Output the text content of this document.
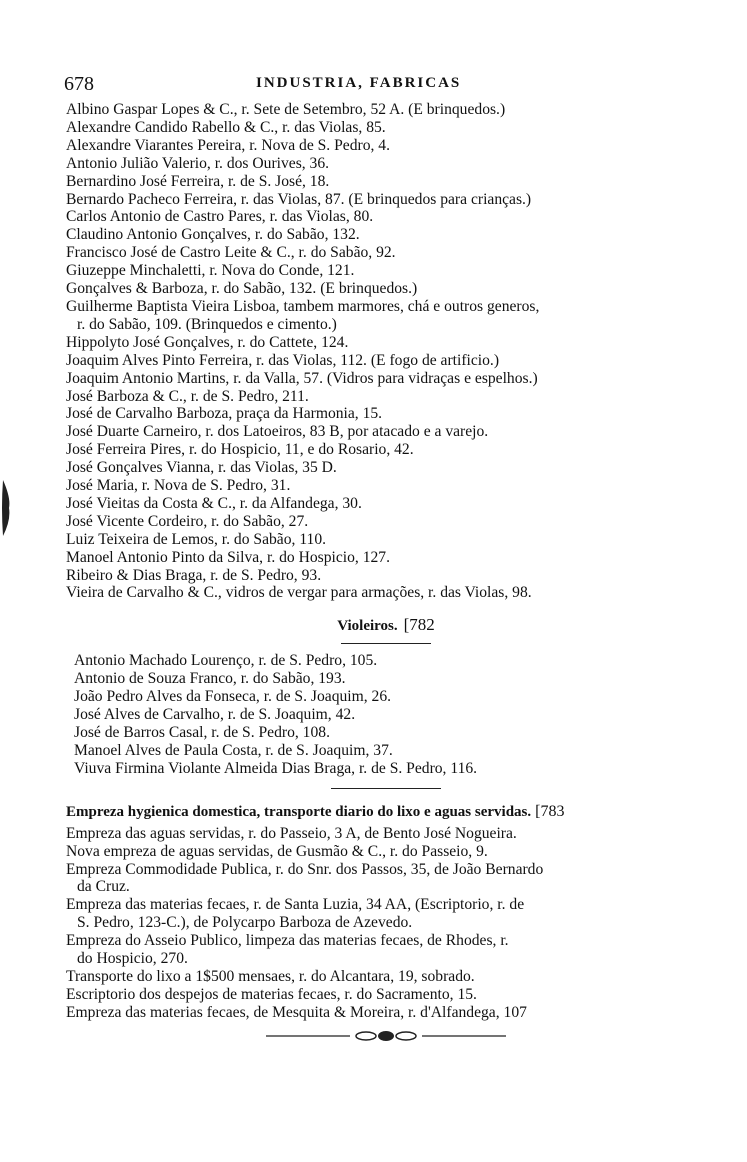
678	INDUSTRIA, FABRICAS
Albino Gaspar Lopes & C., r. Sete de Setembro, 52 A. (E brinquedos.)
Alexandre Candido Rabello & C., r. das Violas, 85.
Alexandre Viarantes Pereira, r. Nova de S. Pedro, 4.
Antonio Julião Valerio, r. dos Ourives, 36.
Bernardino José Ferreira, r. de S. José, 18.
Bernardo Pacheco Ferreira, r. das Violas, 87. (E brinquedos para crianças.)
Carlos Antonio de Castro Pares, r. das Violas, 80.
Claudino Antonio Gonçalves, r. do Sabão, 132.
Francisco José de Castro Leite & C., r. do Sabão, 92.
Giuzeppe Minchaletti, r. Nova do Conde, 121.
Gonçalves & Barboza, r. do Sabão, 132. (E brinquedos.)
Guilherme Baptista Vieira Lisboa, tambem marmores, chá e outros generos,
r. do Sabão, 109. (Brinquedos e cimento.)
Hippolyto José Gonçalves, r. do Cattete, 124.
Joaquim Alves Pinto Ferreira, r. das Violas, 112. (E fogo de artificio.)
Joaquim Antonio Martins, r. da Valla, 57. (Vidros para vidraças e espelhos.)
José Barboza & C., r. de S. Pedro, 211.
José de Carvalho Barboza, praça da Harmonia, 15.
José Duarte Carneiro, r. dos Latoeiros, 83 B, por atacado e a varejo.
José Ferreira Pires, r. do Hospicio, 11, e do Rosario, 42.
José Gonçalves Vianna, r. das Violas, 35 D.
José Maria, r. Nova de S. Pedro, 31.
José Vieitas da Costa & C., r. da Alfandega, 30.
José Vicente Cordeiro, r. do Sabão, 27.
Luiz Teixeira de Lemos, r. do Sabão, 110.
Manoel Antonio Pinto da Silva, r. do Hospicio, 127.
Ribeiro & Dias Braga, r. de S. Pedro, 93.
Vieira de Carvalho & C., vidros de vergar para armações, r. das Violas, 98.
Violeiros. [782
Antonio Machado Lourenço, r. de S. Pedro, 105.
Antonio de Souza Franco, r. do Sabão, 193.
João Pedro Alves da Fonseca, r. de S. Joaquim, 26.
José Alves de Carvalho, r. de S. Joaquim, 42.
José de Barros Casal, r. de S. Pedro, 108.
Manoel Alves de Paula Costa, r. de S. Joaquim, 37.
Viuva Firmina Violante Almeida Dias Braga, r. de S. Pedro, 116.
Empreza hygienica domestica, transporte diario do lixo e aguas servidas. [783
Empreza das aguas servidas, r. do Passeio, 3 A, de Bento José Nogueira.
Nova empreza de aguas servidas, de Gusmão & C., r. do Passeio, 9.
Empreza Commodidade Publica, r. do Snr. dos Passos, 35, de João Bernardo
da Cruz.
Empreza das materias fecaes, r. de Santa Luzia, 34 AA, (Escriptorio, r. de
S. Pedro, 123-C.), de Polycarpo Barboza de Azevedo.
Empreza do Asseio Publico, limpeza das materias fecaes, de Rhodes, r.
do Hospicio, 270.
Transporte do lixo a 1$500 mensaes, r. do Alcantara, 19, sobrado.
Escriptorio dos despejos de materias fecaes, r. do Sacramento, 15.
Empreza das materias fecaes, de Mesquita & Moreira, r. d'Alfandega, 107
